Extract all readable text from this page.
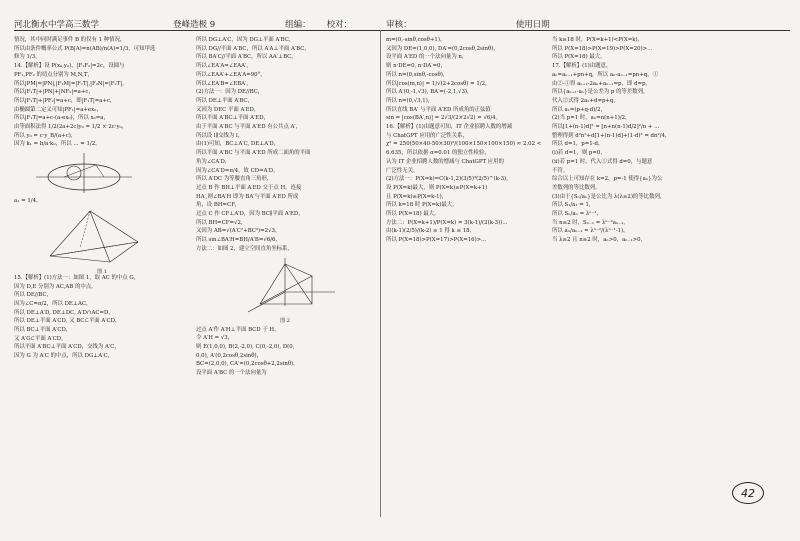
河北衡水中学高三数学	登峰造极 9	组编： 校对：	审核：	使用日期

情况，其中同时满足事件 B 的仅有 1 种情况，

所以由条件概率公式 P(B|A)=n(AB)/n(A)=1/3，可知甲选

修为 1/3。

14.【解析】设 P(x₀,y₀)，|F₁F₂|=2c，设圆与

PF₁,PF₂ 的切点分别为 M,N,T，

所以|PM|=|PN|,|F₁M|=|F₁T|,|F₂N|=|F₂T|，

所以|F₁T|+|PN|+|NF₂|=a+c，

所以|F₁T|+|PF₂|=a+c，即|F₁T|=a+c，

由椭圆第二定义可知|PF₁|=a+ex₀，

所以|F₁T|=a+c-(a-ex₀)，所以 x₀=a，

由等面积法得 1/2(2a+2c)y₀ = 1/2 × 2c·y₀，

所以 y₀ = c·y_B/(a+c)，

因为 k₁ = b/a·k₀，所以 ... = 1/2，

a₁ = 1/4。

图 1

15.【解析】(1)方法一：如图 1，取 AC 的中点 G，

因为 D,E 分别为 AC,AB 的中点，

所以 DE//BC，

因为∠C=π/2，所以 DE⊥AC，

所以 DE⊥A′D, DE⊥DC, A′D∩AC=D，

所以 DE⊥平面 A′CD, 又 BC⊂平面 A′CD，

所以 BC⊥平面 A′CD，

又 A′G⊂平面 A′CD，

所以平面 A′BC⊥平面 A′CD，交线为 A′C，

因为 G 为 A′C 的中点，所以 DG⊥A′C，

所以 DG⊥A′C，因为 DG⊥平面 A′BC，

所以 DG//平面 A′BC，所以 A′A⊥平面 A′BC，

所以 BA′C//平面 A′BC，所以 AA′⊥BC，

所以∠EA′A=∠EAA′，

所以∠EAA′+∠EA′A=90°，

所以∠EA′B=∠EBA′，

(2)方法一：因为 DE//BC，

所以 DE⊥平面 A′BC，

又因为 DEC 平面 A′ED，

所以平面 A′BC⊥平面 A′ED，

由于平面 A′BC 与平面 A′ED 有公共点 A′，

所以设 l∥交线为 l，

由(1)可知，BC⊥A′C, DE⊥A′D，

所以平面 A′BC 与平面 A′ED 所成二面角的平面

角为∠CA′D，

因为∠CA′D=π/4，故 CD=A′D，

所以 A′DC 为等腰直角三角形，

过点 B 作 BH⊥平面 A′ED 交于点 H，连接

HA′,则∠BA′H 即为 BA′与平面 A′ED 所成

角，设 BH=CF，

过点 C 作 CF⊥A′D，因为 BC∥平面 A′ED，

所以 BH=CF=√2，

又因为 AB=√(A′C²+BC²)=2√3，

所以 sin∠BA′H=BH/A′B=√6/6，

方法二：如图 2，建立空间直角坐标系，

图 2

过点 A′作 A′H⊥平面 BCD 于 H，

令 A′H = √3，

则 E(1,0,0), B(2,-2,0), C(0,-2,0), D(0,

0,0), A′(0,2cosθ,2sinθ)，

BC=(2,0,0), CA′=(0,2cosθ+2,2sinθ)，

设平面 A′BC 的一个法向量为

m=(0,-sinθ,cosθ+1)，

又因为 DE=(1,0,0), DA′=(0,2cosθ,2sinθ)，

设平面 A′ED 的一个法向量为 n，

则 n·DE=0, n·DA′=0，

所以 n=(0,sinθ,-cosθ)，

所以|cos⟨m,n⟩| = 1/√(2+2cosθ) = 1/2，

所以 A′(0,-1,√3), BA′=(-2,1,√3)，

所以 n=(0,√3,1)，

所以直线 BA′ 与平面 A′ED 所成角的正弦值

sin = |cos⟨BA′,n⟩| = 2√3/(2×2√2) = √6/4。

16.【解析】(1)由题意可知，IT 企业招聘人数的增减

与 ChatGPT 应用的广泛性关系，

χ² = 250(50×40-50×30)²/(100×150×100×150) ≈ 2.02 <

6.635，所以依据 α=0.01 的独立性检验，

认为 IT 企业招聘人数的增减与 ChatGPT 应用的

广泛性无关。

(2)方法一：P(X=k)=C(k-1,2)(3/5)³(2/5)^(k-3)，

设 P(X=k)最大，则 P(X=k)≥P(X=k+1)

且 P(X=k)≥P(X=k-1)，

所以 k=18 时 P(X=k)最大，

所以 P(X=18) 最大。

方法二：P(X=k+1)/P(X=k) = 3(k-1)/(2(k-3))...

由(k-1)(2/5)/(k-2) ≥ 1 得 k ≤ 18，

所以 P(X=18)>P(X=17)>P(X=16)>…

当 k≥18 时，P(X=k+1)<P(X=k)，

所以 P(X=18)>P(X=19)>P(X=20)>…

所以 P(X=18) 最大。

17.【解析】(1)由题意，

aₙ=aₙ₋₁+pn+q，所以 aₙ-aₙ₋₁=pn+q，①

由②-①得 aₙ₊₁-2aₙ+aₙ₋₁=p，即 d=p，

所以{aₙ₊₁-aₙ}是公差为 p 的等差数列，

代入②式得 2a₁+d=p+q，

所以 a₁=(p+q-d)/2，

(2)当 p=1 时，aₙ=n(n+1)/2，

所以[1+(n-1)d]² = [n+n(n-1)d/2]²/n + ...

整理得到 d²n²+d[1+(n-1)d]+(1-d)² = dn²/4，

所以 d=1，p=1-d，

(ⅰ)若 d=1，则 p=0，

(ⅱ)若 p=1 时，代入①式得 d=0，与题意

不符。

综合以上可知存在 k=2，p=-1 使得{aₙ}为公

差数列的等比数列。

(3)由于{Sₙ/aₙ}是公比为 λ(λ≥2)的等比数列，

所以 S₁/a₁ = 1，

所以 Sₙ/aₙ = λⁿ⁻¹，

当 n≥2 时，Sₙ₋₁ = λⁿ⁻²aₙ₋₁，

所以 aₙ/aₙ₋₁ = λⁿ⁻²/(λⁿ⁻¹-1)，

当 λ≥2 且 n≥2 时，aₙ>0，aₙ₋₁>0，

42
